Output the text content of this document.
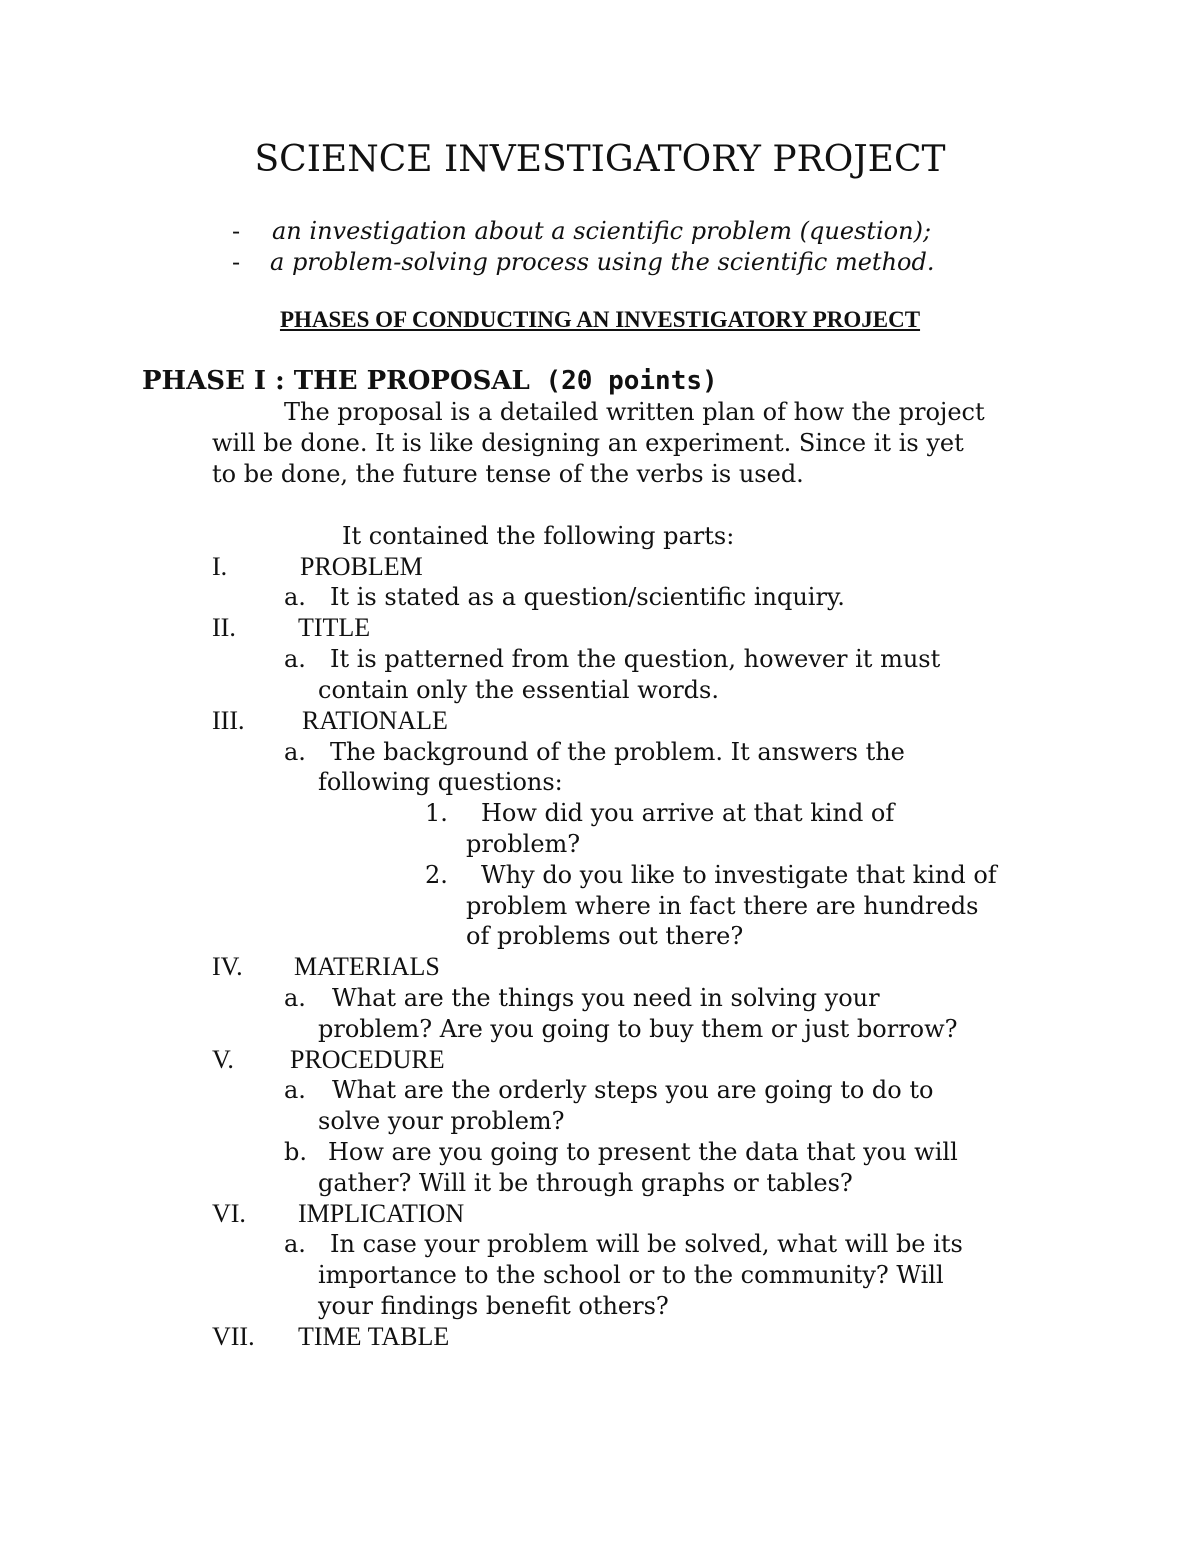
SCIENCE INVESTIGATORY PROJECT
- an investigation about a scientific problem (question);
- a problem-solving process using the scientific method.
PHASES OF CONDUCTING AN INVESTIGATORY PROJECT
PHASE I : THE PROPOSAL (20 points)
The proposal is a detailed written plan of how the project
will be done. It is like designing an experiment. Since it is yet
to be done, the future tense of the verbs is used.
It contained the following parts:
I.	PROBLEM
a. It is stated as a question/scientific inquiry.
II. TITLE
a. It is patterned from the question, however it must
contain only the essential words.
III. RATIONALE
a. The background of the problem. It answers the
following questions:
1. How did you arrive at that kind of
problem?
2. Why do you like to investigate that kind of
problem where in fact there are hundreds
of problems out there?
IV. MATERIALS
a. What are the things you need in solving your
problem? Are you going to buy them or just borrow?
V. PROCEDURE
a. What are the orderly steps you are going to do to
solve your problem?
b. How are you going to present the data that you will
gather? Will it be through graphs or tables?
VI. IMPLICATION
a. In case your problem will be solved, what will be its
importance to the school or to the community? Will
your findings benefit others?
VII. TIME TABLE
